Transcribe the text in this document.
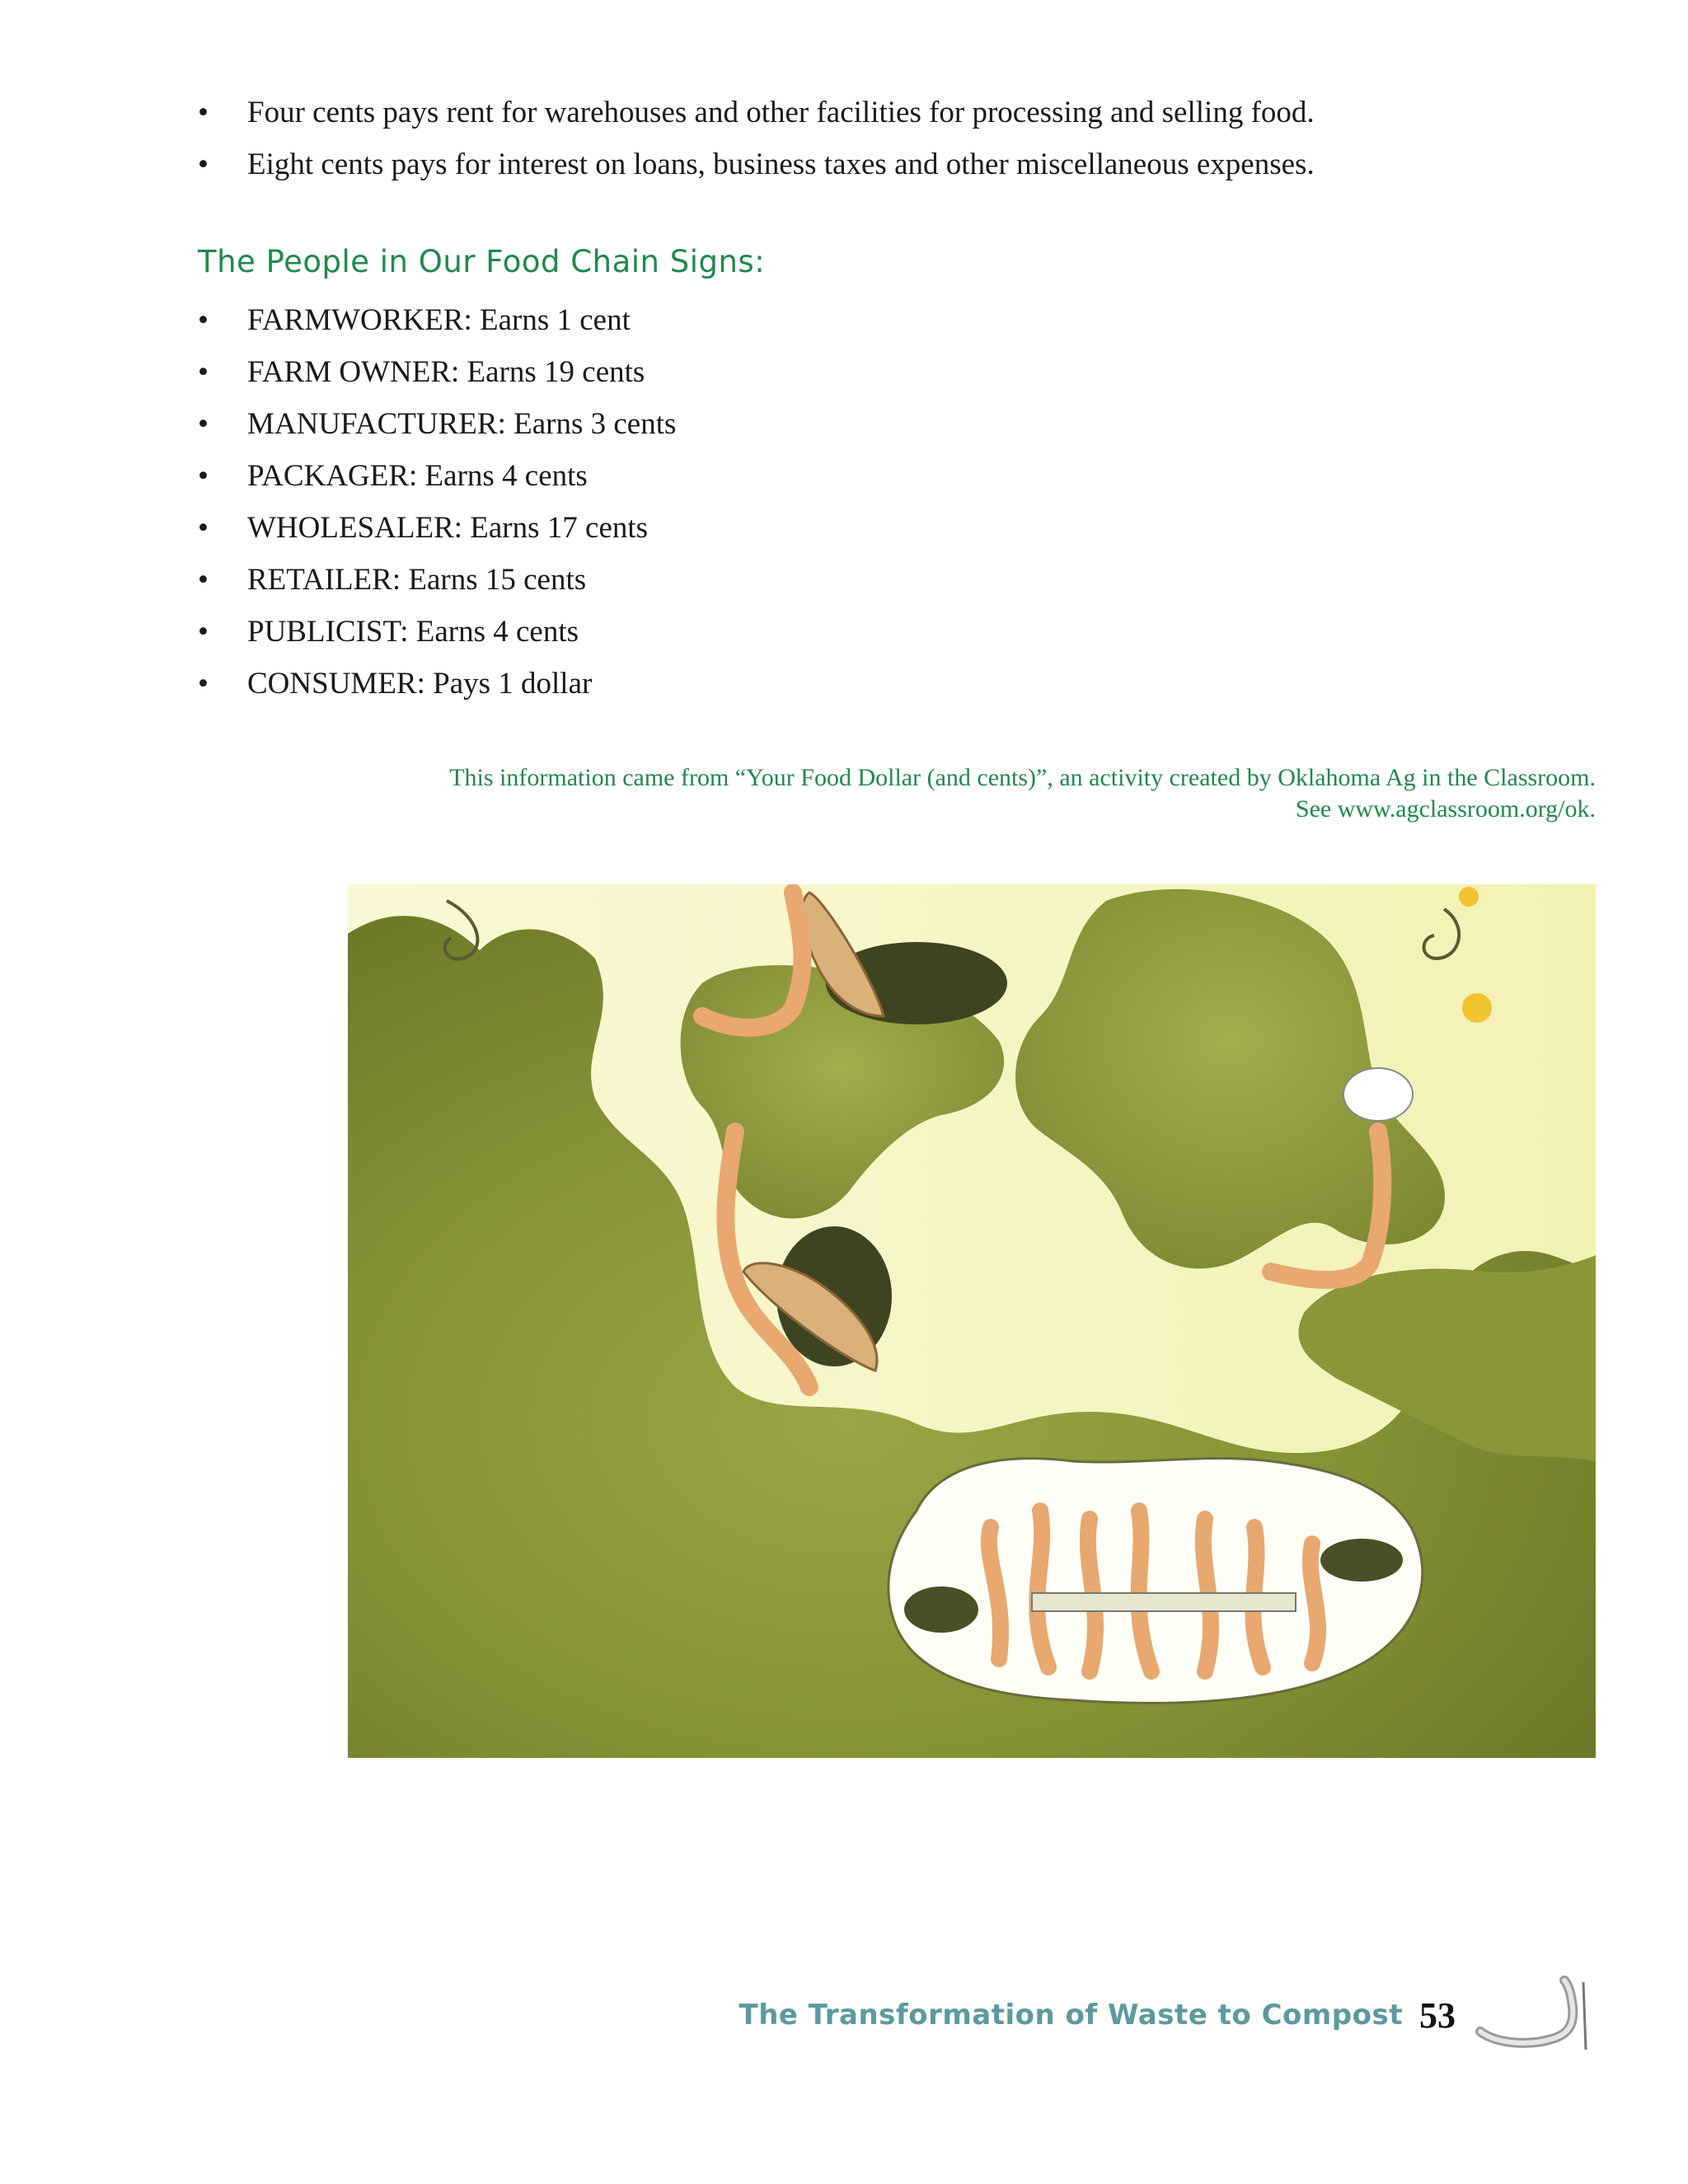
• Four cents pays rent for warehouses and other facilities for processing and selling food.
• Eight cents pays for interest on loans, business taxes and other miscellaneous expenses.
The People in Our Food Chain Signs:
• FARMWORKER: Earns 1 cent
• FARM OWNER: Earns 19 cents
• MANUFACTURER: Earns 3 cents
• PACKAGER: Earns 4 cents
• WHOLESALER: Earns 17 cents
• RETAILER: Earns 15 cents
• PUBLICIST: Earns 4 cents
• CONSUMER: Pays 1 dollar
This information came from “Your Food Dollar (and cents)”, an activity created by Oklahoma Ag in the Classroom.
See www.agclassroom.org/ok.
The Transformation of Waste to Compost 53
